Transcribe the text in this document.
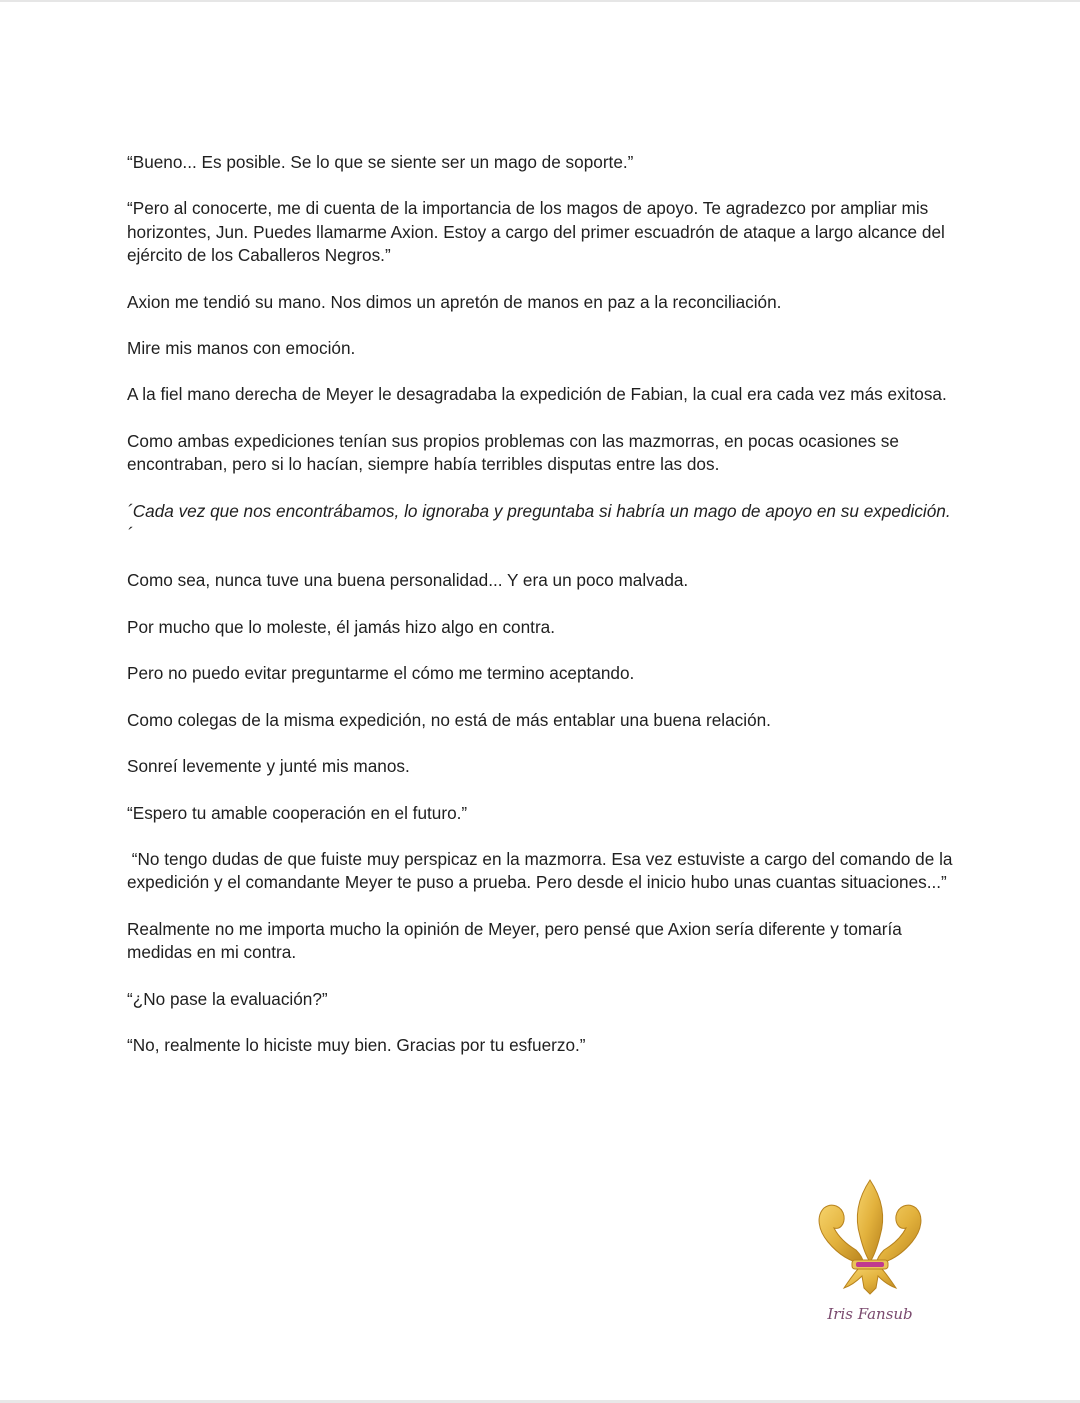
“Bueno... Es posible. Se lo que se siente ser un mago de soporte.”

“Pero al conocerte, me di cuenta de la importancia de los magos de apoyo. Te agradezco por ampliar mis horizontes, Jun. Puedes llamarme Axion. Estoy a cargo del primer escuadrón de ataque a largo alcance del ejército de los Caballeros Negros.”

Axion me tendió su mano. Nos dimos un apretón de manos en paz a la reconciliación.

Mire mis manos con emoción.

A la fiel mano derecha de Meyer le desagradaba la expedición de Fabian, la cual era cada vez más exitosa.

Como ambas expediciones tenían sus propios problemas con las mazmorras, en pocas ocasiones se encontraban, pero si lo hacían, siempre había terribles disputas entre las dos.

´Cada vez que nos encontrábamos, lo ignoraba y preguntaba si habría un mago de apoyo en su expedición. ´

Como sea, nunca tuve una buena personalidad... Y era un poco malvada.

Por mucho que lo moleste, él jamás hizo algo en contra.

Pero no puedo evitar preguntarme el cómo me termino aceptando.

Como colegas de la misma expedición, no está de más entablar una buena relación.

Sonreí levemente y junté mis manos.

“Espero tu amable cooperación en el futuro.”

“No tengo dudas de que fuiste muy perspicaz en la mazmorra. Esa vez estuviste a cargo del comando de la expedición y el comandante Meyer te puso a prueba. Pero desde el inicio hubo unas cuantas situaciones...”

Realmente no me importa mucho la opinión de Meyer, pero pensé que Axion sería diferente y tomaría medidas en mi contra.

“¿No pase la evaluación?”

“No, realmente lo hiciste muy bien. Gracias por tu esfuerzo.”

Iris Fansub
